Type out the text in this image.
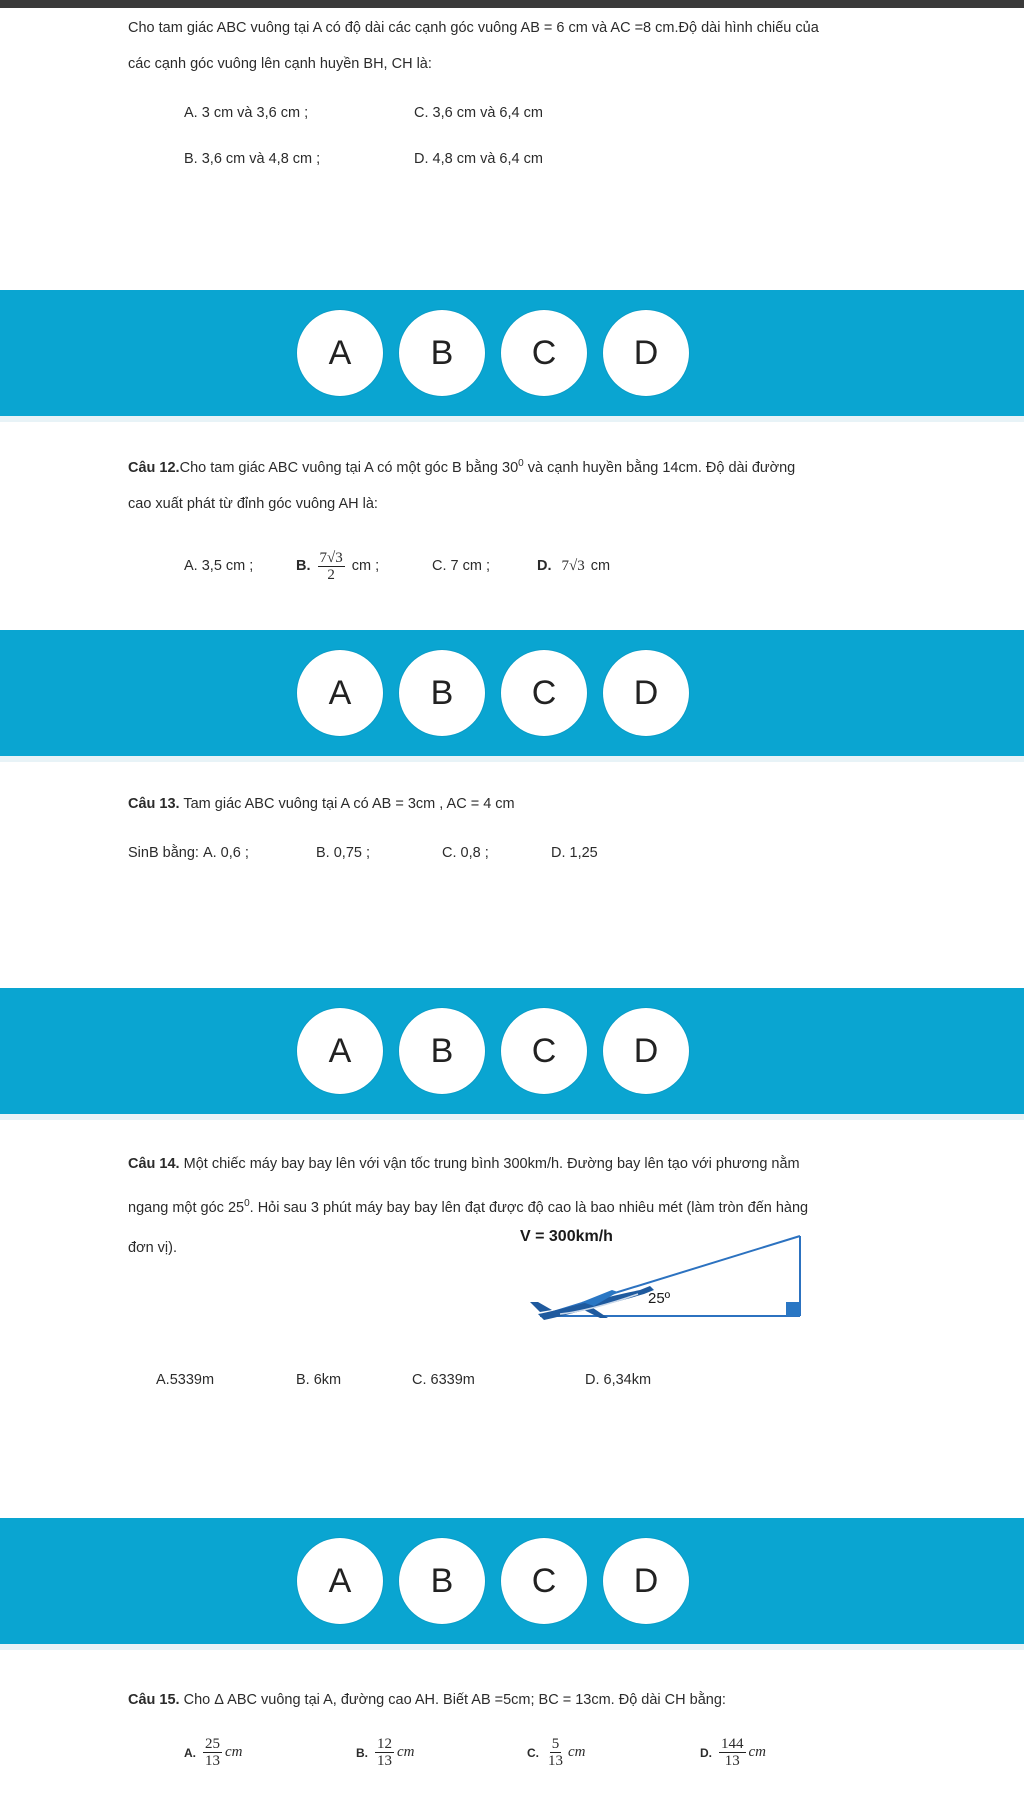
Cho tam giác ABC vuông tại A có độ dài các cạnh góc vuông AB = 6 cm và AC =8 cm.Độ dài hình chiếu của
các cạnh góc vuông lên cạnh huyền BH, CH là:
A. 3 cm và 3,6 cm ;	C. 3,6 cm và 6,4 cm
B. 3,6 cm và 4,8 cm ;	D. 4,8 cm và 6,4 cm
A	B	C	D
Câu 12.Cho tam giác ABC vuông tại A có một góc B bằng $30^0$ và cạnh huyền bằng 14cm. Độ dài đường
cao xuất phát từ đỉnh góc vuông AH là:
A. 3,5 cm ;	B. $\frac{7√3}{2}$ cm ;	C. 7 cm ;	D. 7√3 cm
A	B	C	D
Câu 13. Tam giác ABC vuông tại A có AB = 3cm , AC = 4 cm
SinB bằng: A. 0,6 ;	B. 0,75 ;	C. 0,8 ;	D. 1,25
A	B	C	D
Câu 14. Một chiếc máy bay bay lên với vận tốc trung bình 300km/h. Đường bay lên tạo với phương nằm
ngang một góc $25^0$. Hỏi sau 3 phút máy bay bay lên đạt được độ cao là bao nhiêu mét (làm tròn đến hàng
đơn vị).
V = 300km/h
25º
A.5339m	B. 6km	C. 6339m	D. 6,34km
A	B	C	D
Câu 15. Cho Δ ABC vuông tại A, đường cao AH. Biết AB =5cm; BC = 13cm. Độ dài CH bằng:
A. $\frac{25}{13}$ cm	B. $\frac{12}{13}$ cm	C. $\frac{5}{13}$ cm	D. $\frac{144}{13}$ cm
